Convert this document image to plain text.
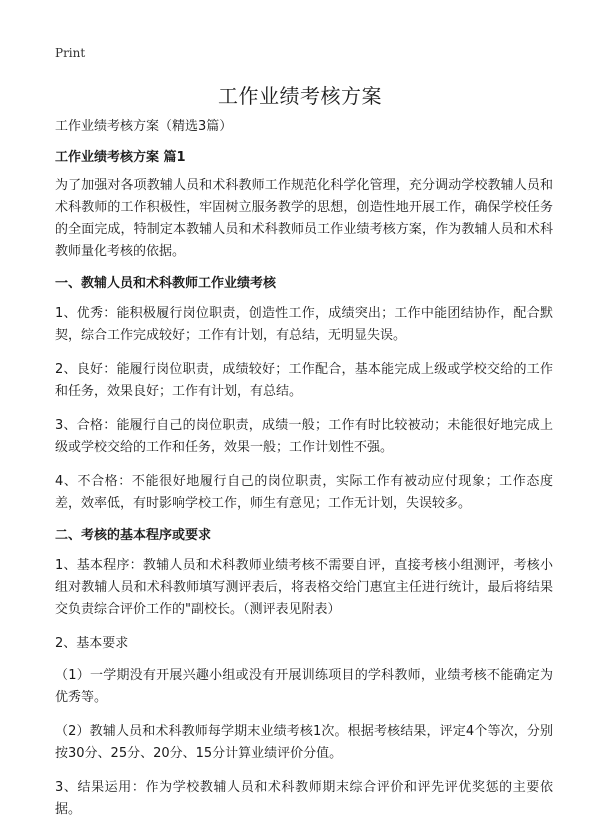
Print
工作业绩考核方案

工作业绩考核方案（精选3篇）

工作业绩考核方案 篇1

为了加强对各项教辅人员和术科教师工作规范化科学化管理，充分调动学校教辅人员和术科教师的工作积极性，牢固树立服务教学的思想，创造性地开展工作，确保学校任务的全面完成，特制定本教辅人员和术科教师员工作业绩考核方案，作为教辅人员和术科教师量化考核的依据。

一、教辅人员和术科教师工作业绩考核

1、优秀：能积极履行岗位职责，创造性工作，成绩突出；工作中能团结协作，配合默契，综合工作完成较好；工作有计划，有总结，无明显失误。

2、良好：能履行岗位职责，成绩较好；工作配合，基本能完成上级或学校交给的工作和任务，效果良好；工作有计划，有总结。

3、合格：能履行自己的岗位职责，成绩一般；工作有时比较被动；未能很好地完成上级或学校交给的工作和任务，效果一般；工作计划性不强。

4、不合格：不能很好地履行自己的岗位职责，实际工作有被动应付现象；工作态度差，效率低，有时影响学校工作，师生有意见；工作无计划，失误较多。

二、考核的基本程序或要求

1、基本程序：教辅人员和术科教师业绩考核不需要自评，直接考核小组测评，考核小组对教辅人员和术科教师填写测评表后，将表格交给门惠宜主任进行统计，最后将结果交负责综合评价工作的"副校长。（测评表见附表）

2、基本要求

（1）一学期没有开展兴趣小组或没有开展训练项目的学科教师，业绩考核不能确定为优秀等。

（2）教辅人员和术科教师每学期末业绩考核1次。根据考核结果，评定4个等次，分别按30分、25分、20分、15分计算业绩评价分值。

3、结果运用：作为学校教辅人员和术科教师期末综合评价和评先评优奖惩的主要依据。
